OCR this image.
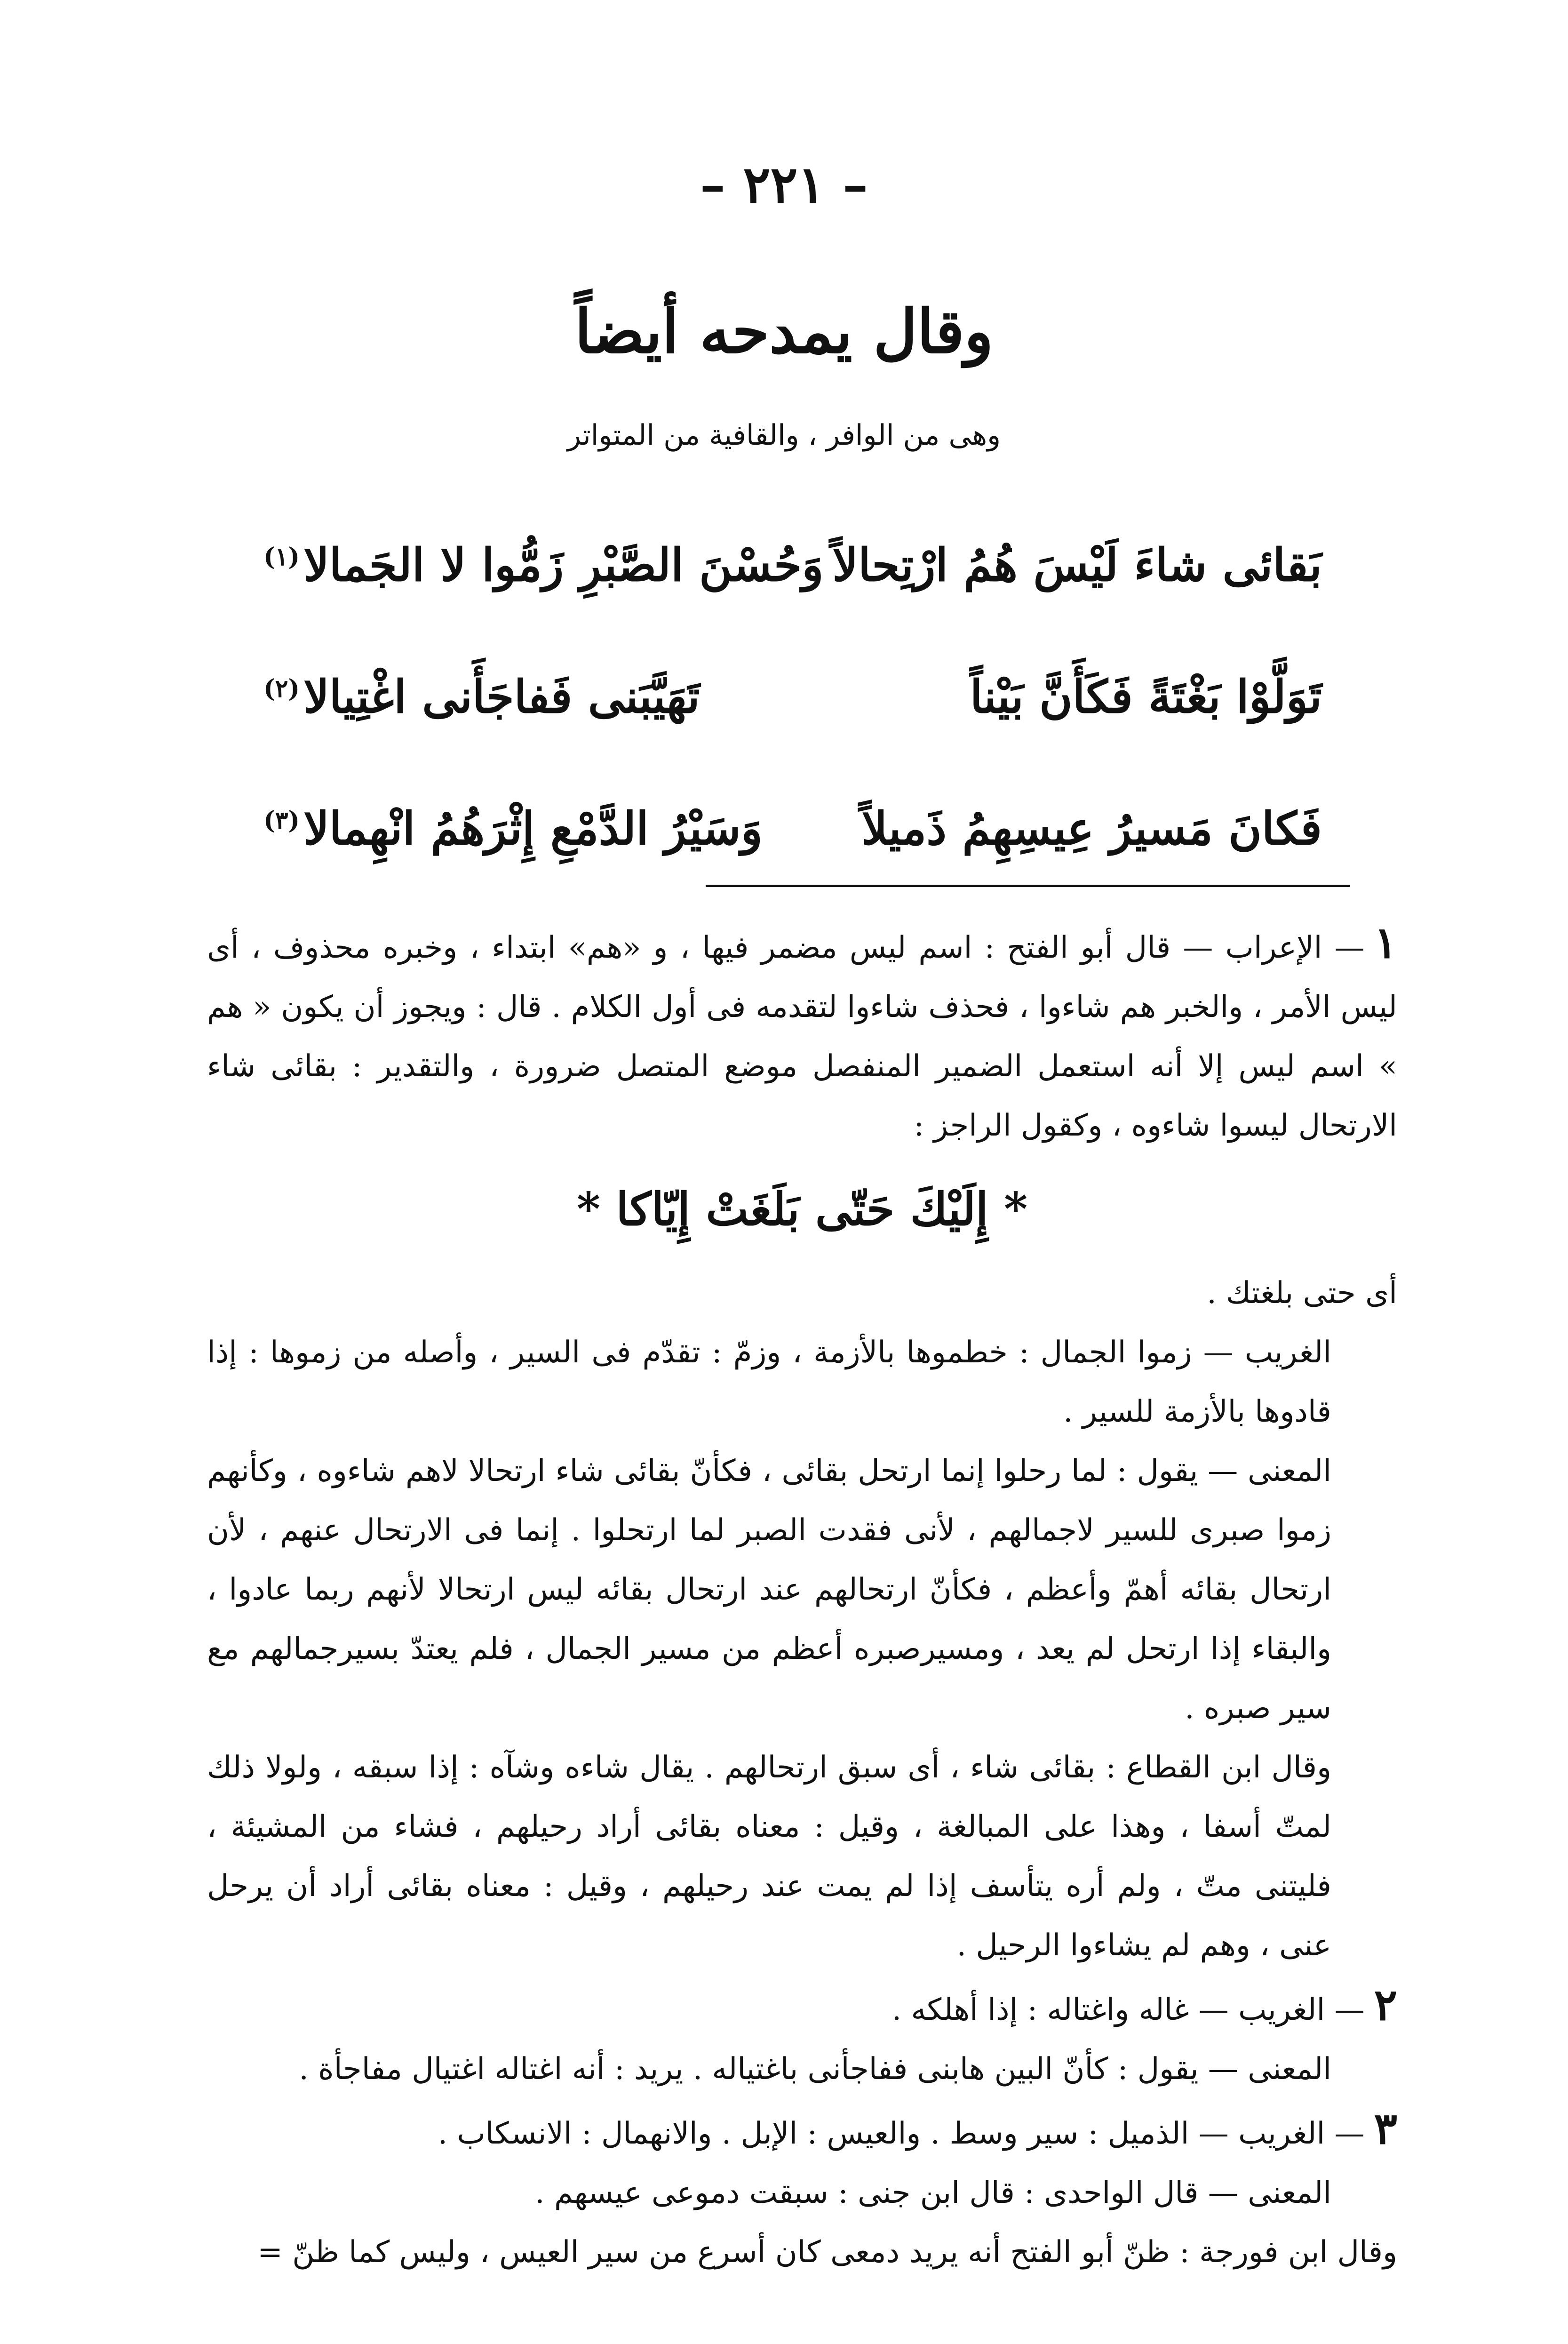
– ٢٢١ –
وقال يمدحه أيضاً
وهى من الوافر ، والقافية من المتواتر
بَقائى شاءَ لَيْسَ هُمُ ارْتِحالاً
وَحُسْنَ الصَّبْرِ زَمُّوا لا الجَمالا$^{(١)}$
تَوَلَّوْا بَغْتَةً فَكَأَنَّ بَيْناً
تَهَيَّبَنى فَفاجَأَنى اغْتِيالا$^{(٢)}$
فَكانَ مَسيرُ عِيسِهِمُ ذَميلاً
وَسَيْرُ الدَّمْعِ إِثْرَهُمُ انْهِمالا$^{(٣)}$

١— الإعراب — قال أبو الفتح : اسم ليس مضمر فيها ، و «هم» ابتداء ، وخبره محذوف ، أى ليس الأمر ، والخبر هم شاءوا ، فحذف شاءوا لتقدمه فى أول الكلام . قال : ويجوز أن يكون « هم » اسم ليس إلا أنه استعمل الضمير المنفصل موضع المتصل ضرورة ، والتقدير : بقائى شاء الارتحال ليسوا شاءوه ، وكقول الراجز :

* إِلَيْكَ حَتّى بَلَغَتْ إِيّاكا *

أى حتى بلغتك .

الغريب — زموا الجمال : خطموها بالأزمة ، وزمّ : تقدّم فى السير ، وأصله من زموها : إذا قادوها بالأزمة للسير .

المعنى — يقول : لما رحلوا إنما ارتحل بقائى ، فكأنّ بقائى شاء ارتحالا لاهم شاءوه ، وكأنهم زموا صبرى للسير لاجمالهم ، لأنى فقدت الصبر لما ارتحلوا . إنما فى الارتحال عنهم ، لأن ارتحال بقائه أهمّ وأعظم ، فكأنّ ارتحالهم عند ارتحال بقائه ليس ارتحالا لأنهم ربما عادوا ، والبقاء إذا ارتحل لم يعد ، ومسيرصبره أعظم من مسير الجمال ، فلم يعتدّ بسيرجمالهم مع سير صبره .

وقال ابن القطاع : بقائى شاء ، أى سبق ارتحالهم . يقال شاءه وشآه : إذا سبقه ، ولولا ذلك لمتّ أسفا ، وهذا على المبالغة ، وقيل : معناه بقائى أراد رحيلهم ، فشاء من المشيئة ، فليتنى متّ ، ولم أره يتأسف إذا لم يمت عند رحيلهم ، وقيل : معناه بقائى أراد أن يرحل عنى ، وهم لم يشاءوا الرحيل .

٢— الغريب — غاله واغتاله : إذا أهلكه .

المعنى — يقول : كأنّ البين هابنى ففاجأنى باغتياله . يريد : أنه اغتاله اغتيال مفاجأة .

٣— الغريب — الذميل : سير وسط . والعيس : الإبل . والانهمال : الانسكاب .

المعنى — قال الواحدى : قال ابن جنى : سبقت دموعى عيسهم .

وقال ابن فورجة : ظنّ أبو الفتح أنه يريد دمعى كان أسرع من سير العيس ، وليس كما ظنّ =
